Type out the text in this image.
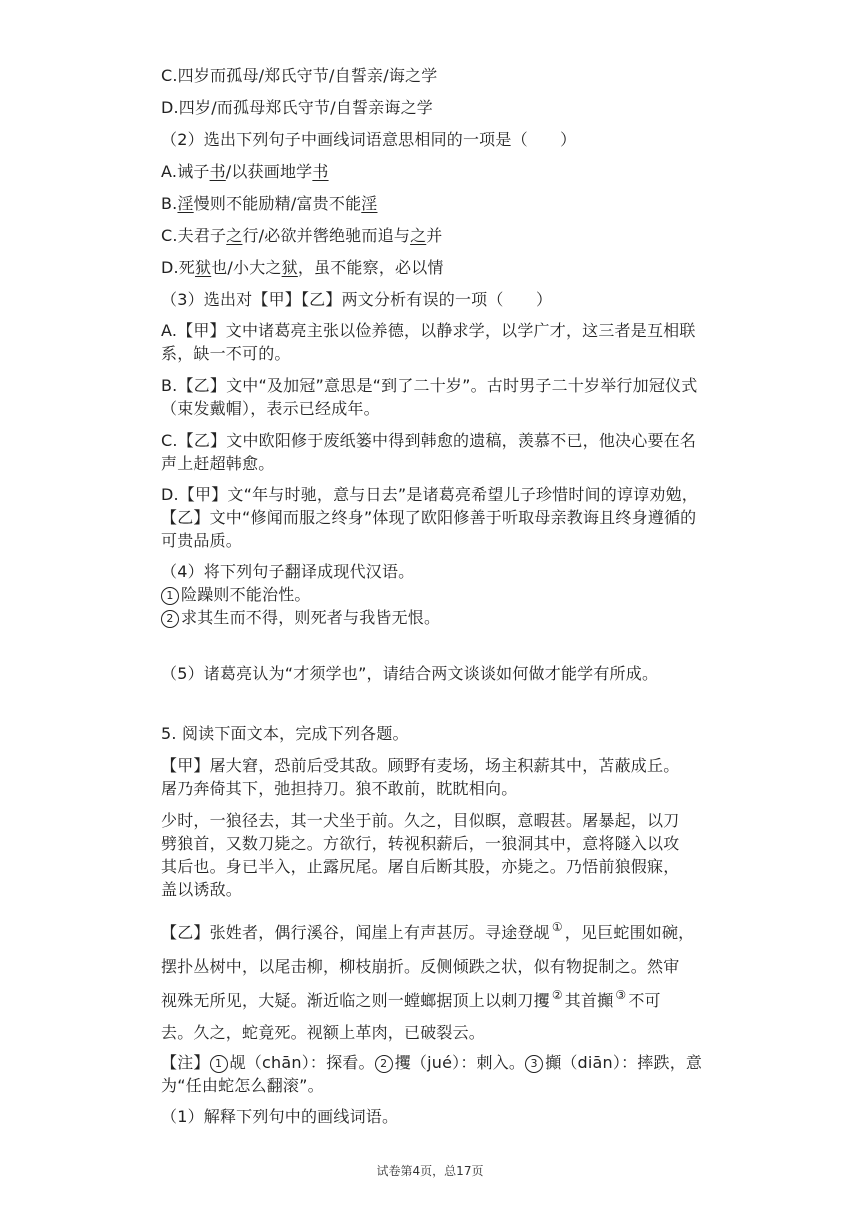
C.四岁而孤母/郑氏守节/自誓亲/诲之学
D.四岁/而孤母郑氏守节/自誓亲诲之学
（2）选出下列句子中画线词语意思相同的一项是（　　）
A.诫子书/以获画地学书
B.淫慢则不能励精/富贵不能淫
C.夫君子之行/必欲并辔绝驰而追与之并
D.死狱也/小大之狱，虽不能察，必以情
（3）选出对【甲】【乙】两文分析有误的一项（　　）
A.【甲】文中诸葛亮主张以俭养德，以静求学，以学广才，这三者是互相联
系，缺一不可的。
B.【乙】文中“及加冠”意思是“到了二十岁”。古时男子二十岁举行加冠仪式
（束发戴帽），表示已经成年。
C.【乙】文中欧阳修于废纸篓中得到韩愈的遗稿，羡慕不已，他决心要在名
声上赶超韩愈。
D.【甲】文“年与时驰，意与日去”是诸葛亮希望儿子珍惜时间的谆谆劝勉，
【乙】文中“修闻而服之终身”体现了欧阳修善于听取母亲教诲且终身遵循的
可贵品质。
（4）将下列句子翻译成现代汉语。
1 险躁则不能治性。
2 求其生而不得，则死者与我皆无恨。
（5）诸葛亮认为“才须学也”，请结合两文谈谈如何做才能学有所成。
5. 阅读下面文本，完成下列各题。
【甲】屠大窘，恐前后受其敌。顾野有麦场，场主积薪其中，苫蔽成丘。
屠乃奔倚其下，弛担持刀。狼不敢前，眈眈相向。
少时，一狼径去，其一犬坐于前。久之，目似瞑，意暇甚。屠暴起，以刀
劈狼首，又数刀毙之。方欲行，转视积薪后，一狼洞其中，意将隧入以攻
其后也。身已半入，止露尻尾。屠自后断其股，亦毙之。乃悟前狼假寐，
盖以诱敌。
【乙】张姓者，偶行溪谷，闻崖上有声甚厉。寻途登觇 ① ，见巨蛇围如碗，
摆扑丛树中，以尾击柳，柳枝崩折。反侧倾跌之状，似有物捉制之。然审
视殊无所见，大疑。渐近临之则一螳螂据顶上以刺刀攫 ② 其首攧 ③ 不可
去。久之，蛇竟死。视额上革肉，已破裂云。
【注】 1 觇（chān）：探看。 2 攫（jué）：刺入。 3 攧（diān）：摔跌，意
为“任由蛇怎么翻滚”。
（1）解释下列句中的画线词语。
试卷第4页，总17页
